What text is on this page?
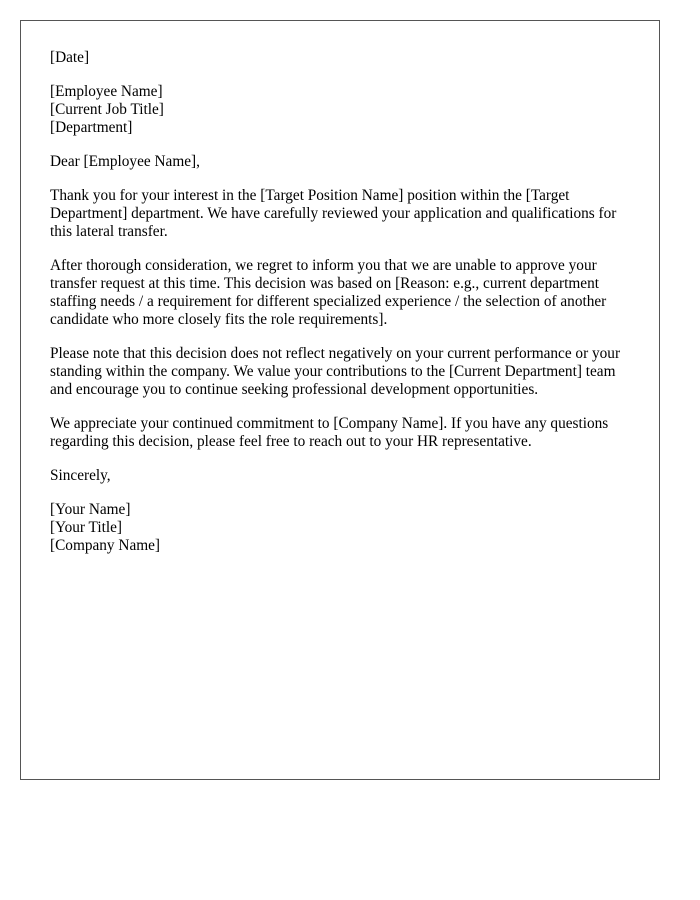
[Date]
[Employee Name]
[Current Job Title]
[Department]
Dear [Employee Name],

Thank you for your interest in the [Target Position Name] position within the [Target Department] department. We have carefully reviewed your application and qualifications for this lateral transfer.

After thorough consideration, we regret to inform you that we are unable to approve your transfer request at this time. This decision was based on [Reason: e.g., current department staffing needs / a requirement for different specialized experience / the selection of another candidate who more closely fits the role requirements].

Please note that this decision does not reflect negatively on your current performance or your standing within the company. We value your contributions to the [Current Department] team and encourage you to continue seeking professional development opportunities.

We appreciate your continued commitment to [Company Name]. If you have any questions regarding this decision, please feel free to reach out to your HR representative.

Sincerely,
[Your Name]
[Your Title]
[Company Name]
